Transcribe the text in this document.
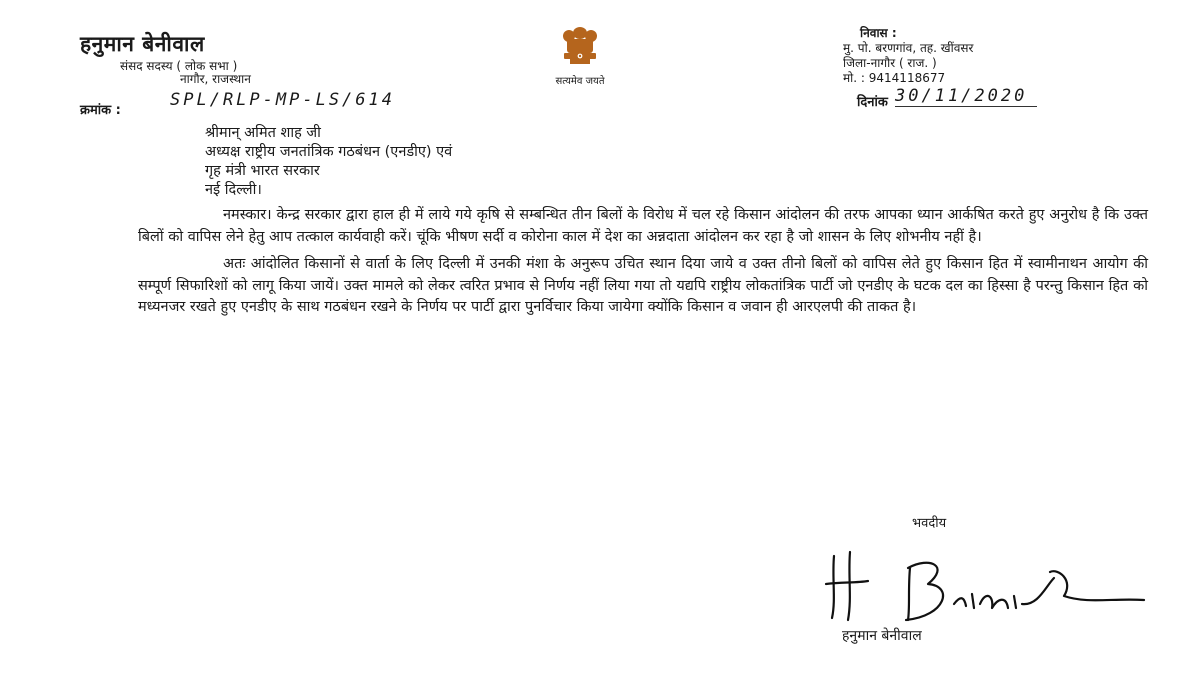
हनुमान बेनीवाल
संसद सदस्य ( लोक सभा )
नागौर, राजस्थान	सत्यमेव जयते
निवास :
मु. पो. बरणगांव, तह. खींवसर
जिला-नागौर ( राज. )
मो. : 9414118677
क्रमांक :
SPL/RLP-MP-LS/614	दिनांक 30/11/2020
श्रीमान् अमित शाह जी
अध्यक्ष राष्ट्रीय जनतांत्रिक गठबंधन (एनडीए) एवं
गृह मंत्री भारत सरकार
नई दिल्ली।

नमस्कार। केन्द्र सरकार द्वारा हाल ही में लाये गये कृषि से सम्बन्धित तीन बिलों के विरोध में चल रहे किसान आंदोलन की तरफ आपका ध्यान आर्कषित करते हुए अनुरोध है कि उक्त बिलों को वापिस लेने हेतु आप तत्काल कार्यवाही करें। चूंकि भीषण सर्दी व कोरोना काल में देश का अन्नदाता आंदोलन कर रहा है जो शासन के लिए शोभनीय नहीं है।

अतः आंदोलित किसानों से वार्ता के लिए दिल्ली में उनकी मंशा के अनुरूप उचित स्थान दिया जाये व उक्त तीनो बिलों को वापिस लेते हुए किसान हित में स्वामीनाथन आयोग की सम्पूर्ण सिफारिशों को लागू किया जायें। उक्त मामले को लेकर त्वरित प्रभाव से निर्णय नहीं लिया गया तो यद्यपि राष्ट्रीय लोकतांत्रिक पार्टी जो एनडीए के घटक दल का हिस्सा है परन्तु किसान हित को मध्यनजर रखते हुए एनडीए के साथ गठबंधन रखने के निर्णय पर पार्टी द्वारा पुनर्विचार किया जायेगा क्योंकि किसान व जवान ही आरएलपी की ताकत है।

भवदीय
हनुमान बेनीवाल
